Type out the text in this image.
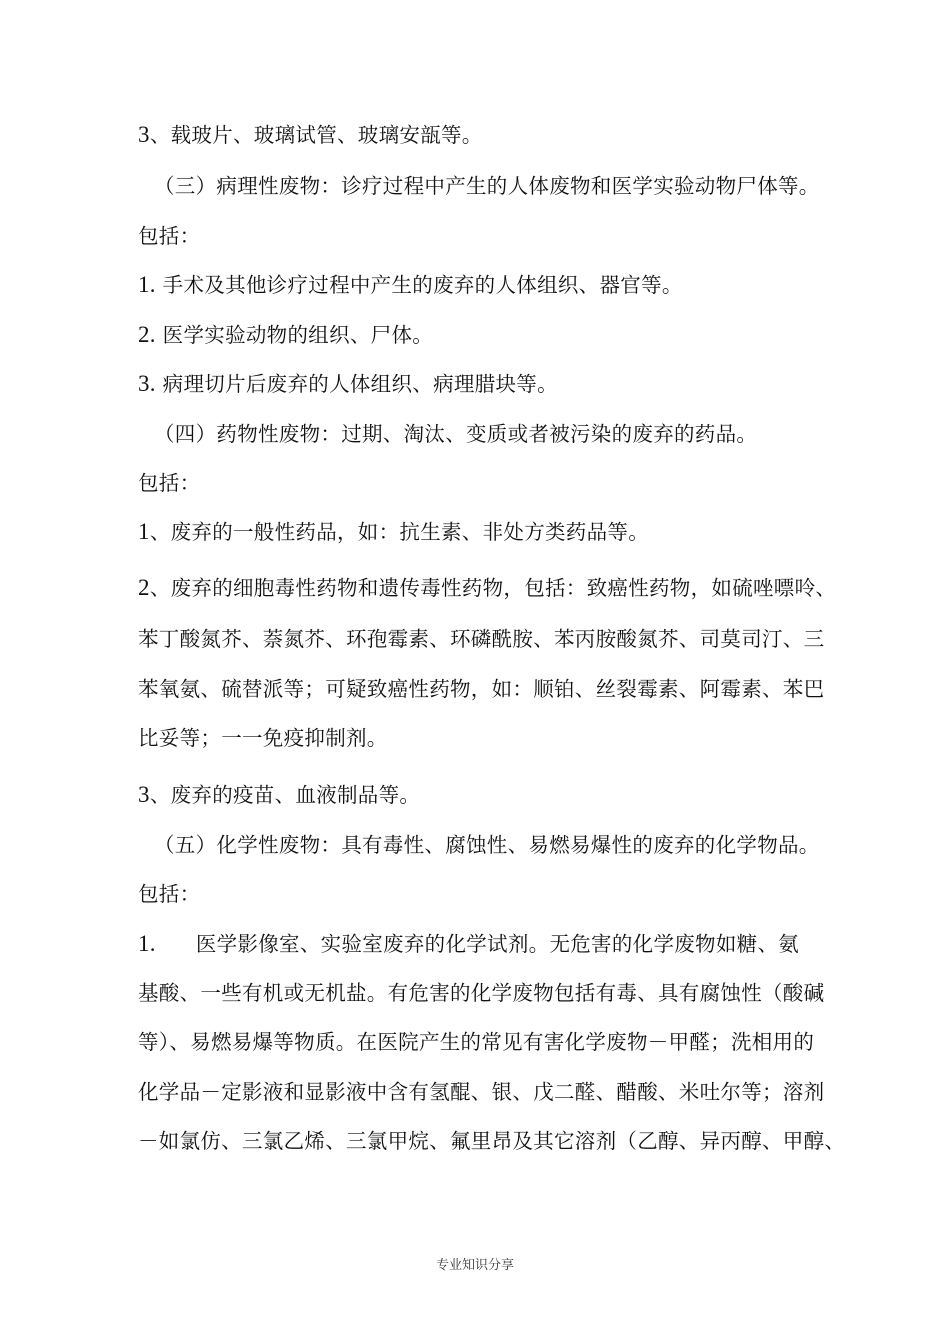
3、载玻片、玻璃试管、玻璃安瓿等。
（三）病理性废物：诊疗过程中产生的人体废物和医学实验动物尸体等。
包括：
1. 手术及其他诊疗过程中产生的废弃的人体组织、器官等。
2. 医学实验动物的组织、尸体。
3. 病理切片后废弃的人体组织、病理腊块等。
（四）药物性废物：过期、淘汰、变质或者被污染的废弃的药品。
包括：
1、废弃的一般性药品，如：抗生素、非处方类药品等。
2、废弃的细胞毒性药物和遗传毒性药物，包括：致癌性药物，如硫唑嘌呤、
苯丁酸氮芥、萘氮芥、环孢霉素、环磷酰胺、苯丙胺酸氮芥、司莫司汀、三
苯氧氨、硫替派等；可疑致癌性药物，如：顺铂、丝裂霉素、阿霉素、苯巴
比妥等；一一免疫抑制剂。
3、废弃的疫苗、血液制品等。
（五）化学性废物：具有毒性、腐蚀性、易燃易爆性的废弃的化学物品。
包括：
1. 医学影像室、实验室废弃的化学试剂。无危害的化学废物如糖、氨
基酸、一些有机或无机盐。有危害的化学废物包括有毒、具有腐蚀性（酸碱
等）、易燃易爆等物质。在医院产生的常见有害化学废物－甲醛；洗相用的
化学品－定影液和显影液中含有氢醌、银、戊二醛、醋酸、米吐尔等；溶剂
－如氯仿、三氯乙烯、三氯甲烷、氟里昂及其它溶剂（乙醇、异丙醇、甲醇、
专业知识分享
